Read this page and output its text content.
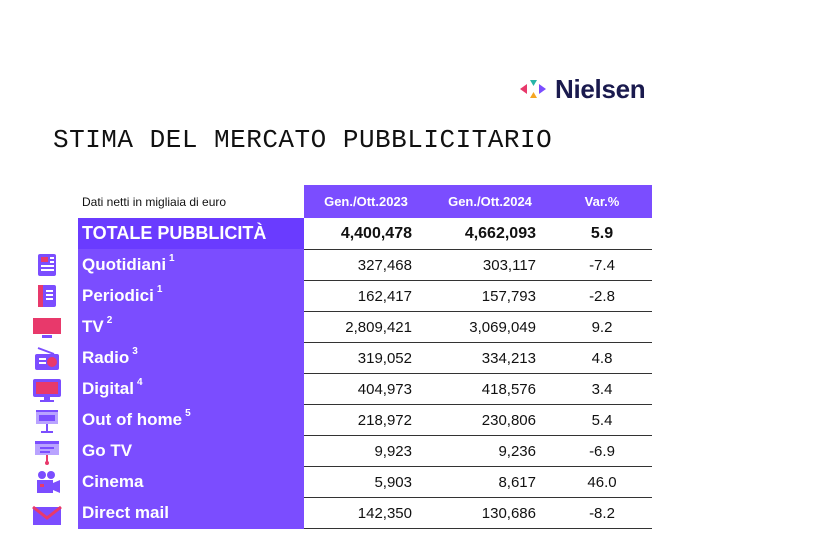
Nielsen
STIMA DEL MERCATO PUBBLICITARIO
Dati netti in migliaia di euro	Gen./Ott.2023	Gen./Ott.2024	Var.%
TOTALE PUBBLICITÀ	4,400,478	4,662,093	5.9
Quotidiani $^1$	327,468	303,117	-7.4
Periodici $^1$	162,417	157,793	-2.8
TV $^2$	2,809,421	3,069,049	9.2
Radio $^3$	319,052	334,213	4.8
Digital $^4$	404,973	418,576	3.4
Out of home $^5$	218,972	230,806	5.4
Go TV	9,923	9,236	-6.9
Cinema	5,903	8,617	46.0
Direct mail	142,350	130,686	-8.2
